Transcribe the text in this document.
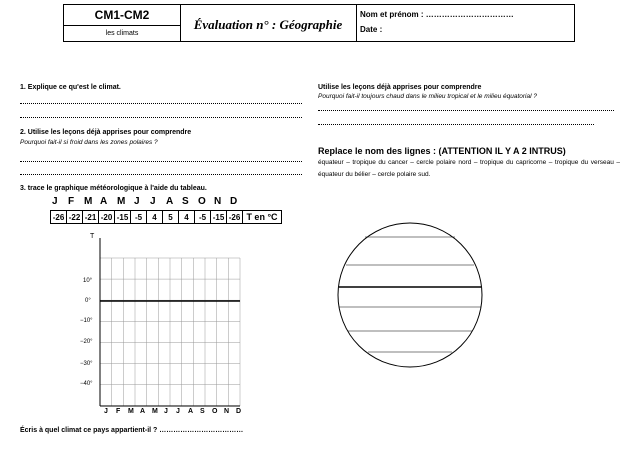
CM1-CM2
les climats
Évaluation n° : Géographie
Nom et prénom : ……………………………
Date :
1. Explique ce qu'est le climat.
2. Utilise les leçons déjà apprises pour comprendre
Pourquoi fait-il si froid dans les zones polaires ?
3. trace le graphique météorologique à l'aide du tableau.
J F M A M J J A S O N D
-26	-22	-21	-20	-15	-5	4	5	4	-5	-15	-26	T en °C
T
10°
0°
−10°
−20°
−30°
−40°
J F M A M J J A S O N D
Écris à quel climat ce pays appartient-il ? ………………………………
Utilise les leçons déjà apprises pour comprendre
Pourquoi fait-il toujours chaud dans le milieu tropical et le milieu équatorial ?
Replace le nom des lignes : (ATTENTION IL Y A 2 INTRUS)
équateur – tropique du cancer – cercle polaire nord – tropique du capricorne – tropique du verseau – équateur du bélier – cercle polaire sud.
